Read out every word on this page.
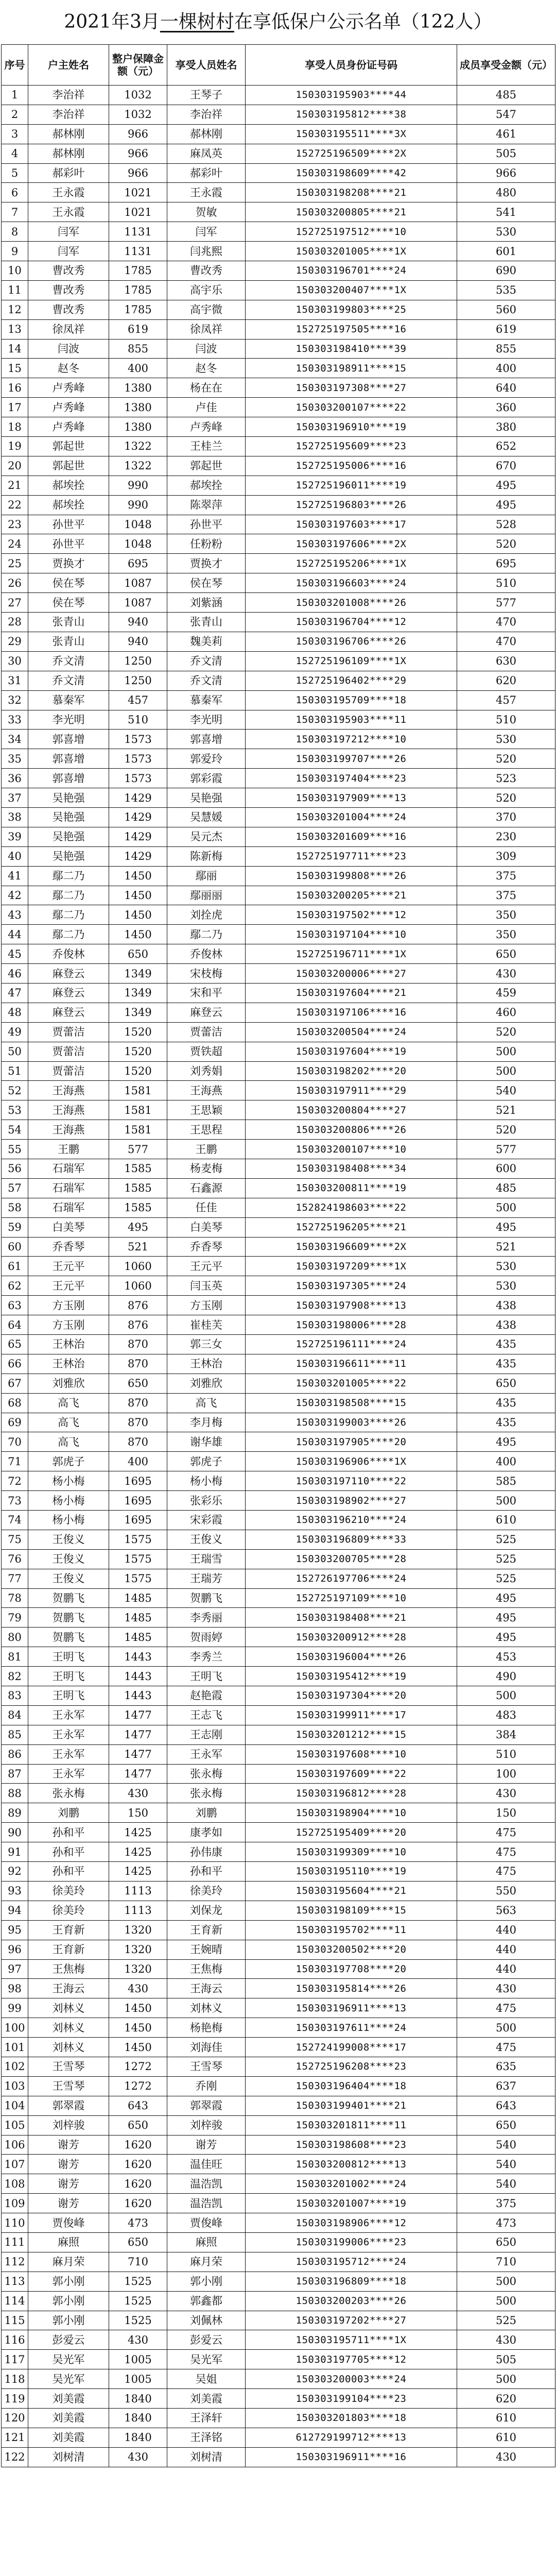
2021年3月一棵树村在享低保户公示名单（122人）
序号	户主姓名	整户保障金额（元）	享受人员姓名	享受人员身份证号码	成员享受金额（元）
1	李治祥	1032	王琴子	150303195903****44	485
2	李治祥	1032	李治祥	150303195812****38	547
3	郝林刚	966	郝林刚	150303195511****3X	461
4	郝林刚	966	麻凤英	152725196509****2X	505
5	郝彩叶	966	郝彩叶	150303198609****42	966
6	王永霞	1021	王永霞	150303198208****21	480
7	王永霞	1021	贺敏	150303200805****21	541
8	闫军	1131	闫军	152725197512****10	530
9	闫军	1131	闫兆熙	150303201005****1X	601
10	曹改秀	1785	曹改秀	150303196701****24	690
11	曹改秀	1785	高宇乐	150303200407****1X	535
12	曹改秀	1785	高宇微	150303199803****25	560
13	徐凤祥	619	徐凤祥	152725197505****16	619
14	闫波	855	闫波	150303198410****39	855
15	赵冬	400	赵冬	150303198911****15	400
16	卢秀峰	1380	杨在在	150303197308****27	640
17	卢秀峰	1380	卢佳	150303200107****22	360
18	卢秀峰	1380	卢秀峰	150303196910****19	380
19	郭起世	1322	王桂兰	152725195609****23	652
20	郭起世	1322	郭起世	152725195006****16	670
21	郝埃拴	990	郝埃拴	152725196011****19	495
22	郝埃拴	990	陈翠萍	152725196803****26	495
23	孙世平	1048	孙世平	150303197603****17	528
24	孙世平	1048	任粉粉	150303197606****2X	520
25	贾换才	695	贾换才	152725195206****1X	695
26	侯在琴	1087	侯在琴	150303196603****24	510
27	侯在琴	1087	刘紫涵	150303201008****26	577
28	张青山	940	张青山	150303196704****12	470
29	张青山	940	魏美莉	150303196706****26	470
30	乔文清	1250	乔文清	152725196109****1X	630
31	乔文清	1250	乔文清	152725196402****29	620
32	慕秦军	457	慕秦军	150303195709****18	457
33	李光明	510	李光明	150303195903****11	510
34	郭喜增	1573	郭喜增	150303197212****10	530
35	郭喜增	1573	郭爱玲	150303199707****26	520
36	郭喜增	1573	郭彩霞	150303197404****23	523
37	吴艳强	1429	吴艳强	150303197909****13	520
38	吴艳强	1429	吴慧媛	150303201004****24	370
39	吴艳强	1429	吴元杰	150303201609****16	230
40	吴艳强	1429	陈新梅	152725197711****23	309
41	鄢二乃	1450	鄢丽	150303199808****26	375
42	鄢二乃	1450	鄢丽丽	150303200205****21	375
43	鄢二乃	1450	刘拴虎	150303197502****12	350
44	鄢二乃	1450	鄢二乃	150303197104****10	350
45	乔俊林	650	乔俊林	152725196711****1X	650
46	麻登云	1349	宋枝梅	150303200006****27	430
47	麻登云	1349	宋和平	150303197604****21	459
48	麻登云	1349	麻登云	150303197106****16	460
49	贾蕾洁	1520	贾蕾洁	150303200504****24	520
50	贾蕾洁	1520	贾铁超	150303197604****19	500
51	贾蕾洁	1520	刘秀娟	150303198202****20	500
52	王海燕	1581	王海燕	150303197911****29	540
53	王海燕	1581	王思颖	150303200804****27	521
54	王海燕	1581	王思程	150303200806****26	520
55	王鹏	577	王鹏	150303200107****10	577
56	石瑞军	1585	杨麦梅	150303198408****34	600
57	石瑞军	1585	石鑫源	150303200811****19	485
58	石瑞军	1585	任佳	152824198603****22	500
59	白美琴	495	白美琴	152725196205****21	495
60	乔香琴	521	乔香琴	150303196609****2X	521
61	王元平	1060	王元平	150303197209****1X	530
62	王元平	1060	闫玉英	150303197305****24	530
63	方玉刚	876	方玉刚	150303197908****13	438
64	方玉刚	876	崔桂芙	150303198006****28	438
65	王林治	870	郭三女	152725196111****24	435
66	王林治	870	王林治	150303196611****11	435
67	刘雅欣	650	刘雅欣	150303201005****22	650
68	高飞	870	高飞	150303198508****15	435
69	高飞	870	李月梅	150303199003****26	435
70	高飞	870	谢华雄	150303197905****20	495
71	郭虎子	400	郭虎子	150303196906****1X	400
72	杨小梅	1695	杨小梅	150303197110****22	585
73	杨小梅	1695	张彩乐	150303198902****27	500
74	杨小梅	1695	宋彩霞	150303196210****24	610
75	王俊义	1575	王俊义	150303196809****33	525
76	王俊义	1575	王瑞雪	150303200705****28	525
77	王俊义	1575	王瑞芳	152726197706****24	525
78	贺鹏飞	1485	贺鹏飞	152725197109****10	495
79	贺鹏飞	1485	李秀丽	150303198408****21	495
80	贺鹏飞	1485	贺雨婷	150303200912****28	495
81	王明飞	1443	李秀兰	150303196004****26	453
82	王明飞	1443	王明飞	150303195412****19	490
83	王明飞	1443	赵艳霞	150303197304****20	500
84	王永军	1477	王志飞	150303199911****17	483
85	王永军	1477	王志刚	150303201212****15	384
86	王永军	1477	王永军	150303197608****10	510
87	王永军	1477	张永梅	150303197609****22	100
88	张永梅	430	张永梅	150303196812****28	430
89	刘鹏	150	刘鹏	150303198904****10	150
90	孙和平	1425	康孝如	152725195409****20	475
91	孙和平	1425	孙伟康	150303199309****10	475
92	孙和平	1425	孙和平	150303195110****19	475
93	徐美玲	1113	徐美玲	150303195604****21	550
94	徐美玲	1113	刘保龙	150303198109****15	563
95	王育新	1320	王育新	150303195702****11	440
96	王育新	1320	王婉晴	150303200502****20	440
97	王焦梅	1320	王焦梅	150303197708****20	440
98	王海云	430	王海云	150303195814****26	430
99	刘林义	1450	刘林义	150303196911****13	475
100	刘林义	1450	杨艳梅	150303197611****24	500
101	刘林义	1450	刘海佳	152724199008****17	475
102	王雪琴	1272	王雪琴	152725196208****23	635
103	王雪琴	1272	乔刚	150303196404****18	637
104	郭翠霞	643	郭翠霞	150303199401****21	643
105	刘梓骏	650	刘梓骏	150303201811****11	650
106	谢芳	1620	谢芳	150303198608****23	540
107	谢芳	1620	温佳旺	150303200812****13	540
108	谢芳	1620	温浩凯	150303201002****24	540
109	谢芳	1620	温浩凯	150303201007****19	375
110	贾俊峰	473	贾俊峰	150303198906****12	473
111	麻照	650	麻照	150303199006****23	650
112	麻月荣	710	麻月荣	150303195712****24	710
113	郭小刚	1525	郭小刚	150303196809****18	500
114	郭小刚	1525	郭鑫都	150303200203****26	500
115	郭小刚	1525	刘佩林	150303197202****27	525
116	彭爱云	430	彭爱云	150303195711****1X	430
117	吴光军	1005	吴光军	150303197705****12	505
118	吴光军	1005	吴姐	150303200003****24	500
119	刘美霞	1840	刘美霞	150303199104****23	620
120	刘美霞	1840	王泽轩	150303201803****18	610
121	刘美霞	1840	王泽铭	612729199712****13	610
122	刘树清	430	刘树清	150303196911****16	430
